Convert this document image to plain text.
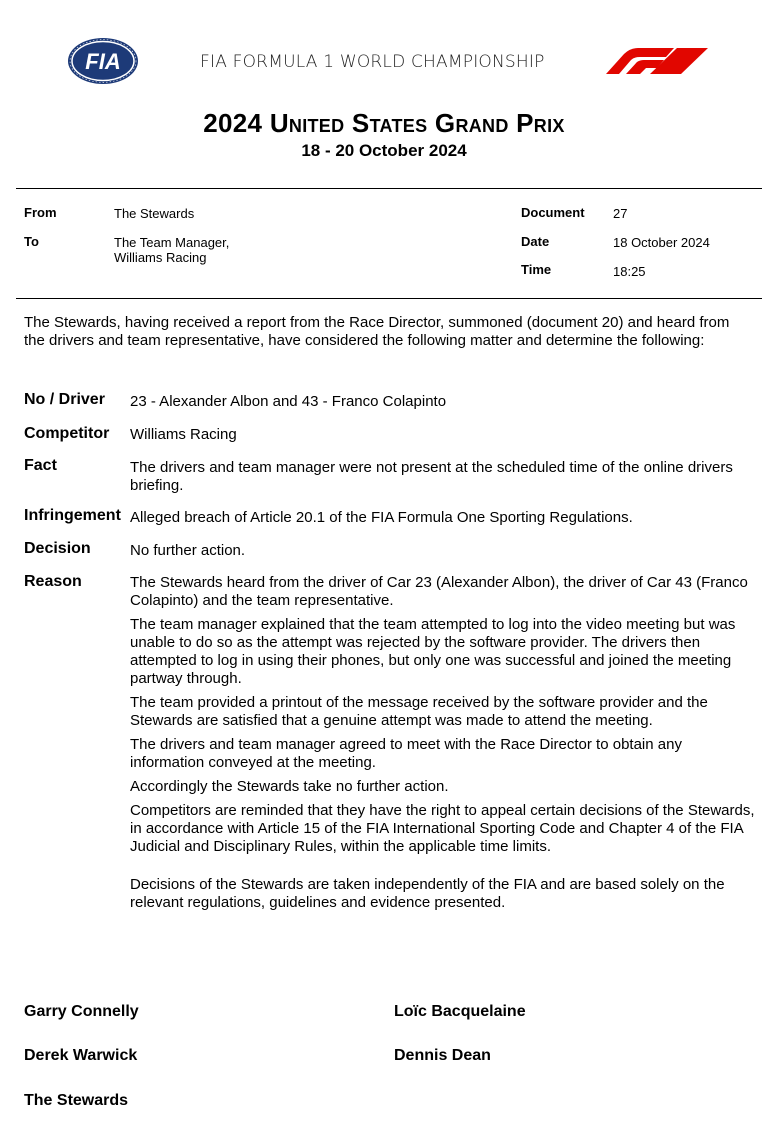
FIA	FIA FORMULA 1 WORLD CHAMPIONSHIP
2024 United States Grand Prix
18 - 20 October 2024
From	The Stewards
To	The Team Manager,
Williams Racing
Document 27
Date	18 October 2024
Time	18:25
The Stewards, having received a report from the Race Director, summoned (document 20) and heard from the drivers and team representative, have considered the following matter and determine the following:
No / Driver 23 - Alexander Albon and 43 - Franco Colapinto
Competitor Williams Racing
Fact	The drivers and team manager were not present at the scheduled time of the online drivers briefing.
Infringement Alleged breach of Article 20.1 of the FIA Formula One Sporting Regulations.
Decision	No further action.
Reason	The Stewards heard from the driver of Car 23 (Alexander Albon), the driver of Car 43 (Franco Colapinto) and the team representative.

The team manager explained that the team attempted to log into the video meeting but was unable to do so as the attempt was rejected by the software provider. The drivers then attempted to log in using their phones, but only one was successful and joined the meeting partway through.

The team provided a printout of the message received by the software provider and the Stewards are satisfied that a genuine attempt was made to attend the meeting.

The drivers and team manager agreed to meet with the Race Director to obtain any information conveyed at the meeting.

Accordingly the Stewards take no further action.

Competitors are reminded that they have the right to appeal certain decisions of the Stewards, in accordance with Article 15 of the FIA International Sporting Code and Chapter 4 of the FIA Judicial and Disciplinary Rules, within the applicable time limits.

Decisions of the Stewards are taken independently of the FIA and are based solely on the relevant regulations, guidelines and evidence presented.

Garry Connelly	Loïc Bacquelaine
Derek Warwick	Dennis Dean
The Stewards
